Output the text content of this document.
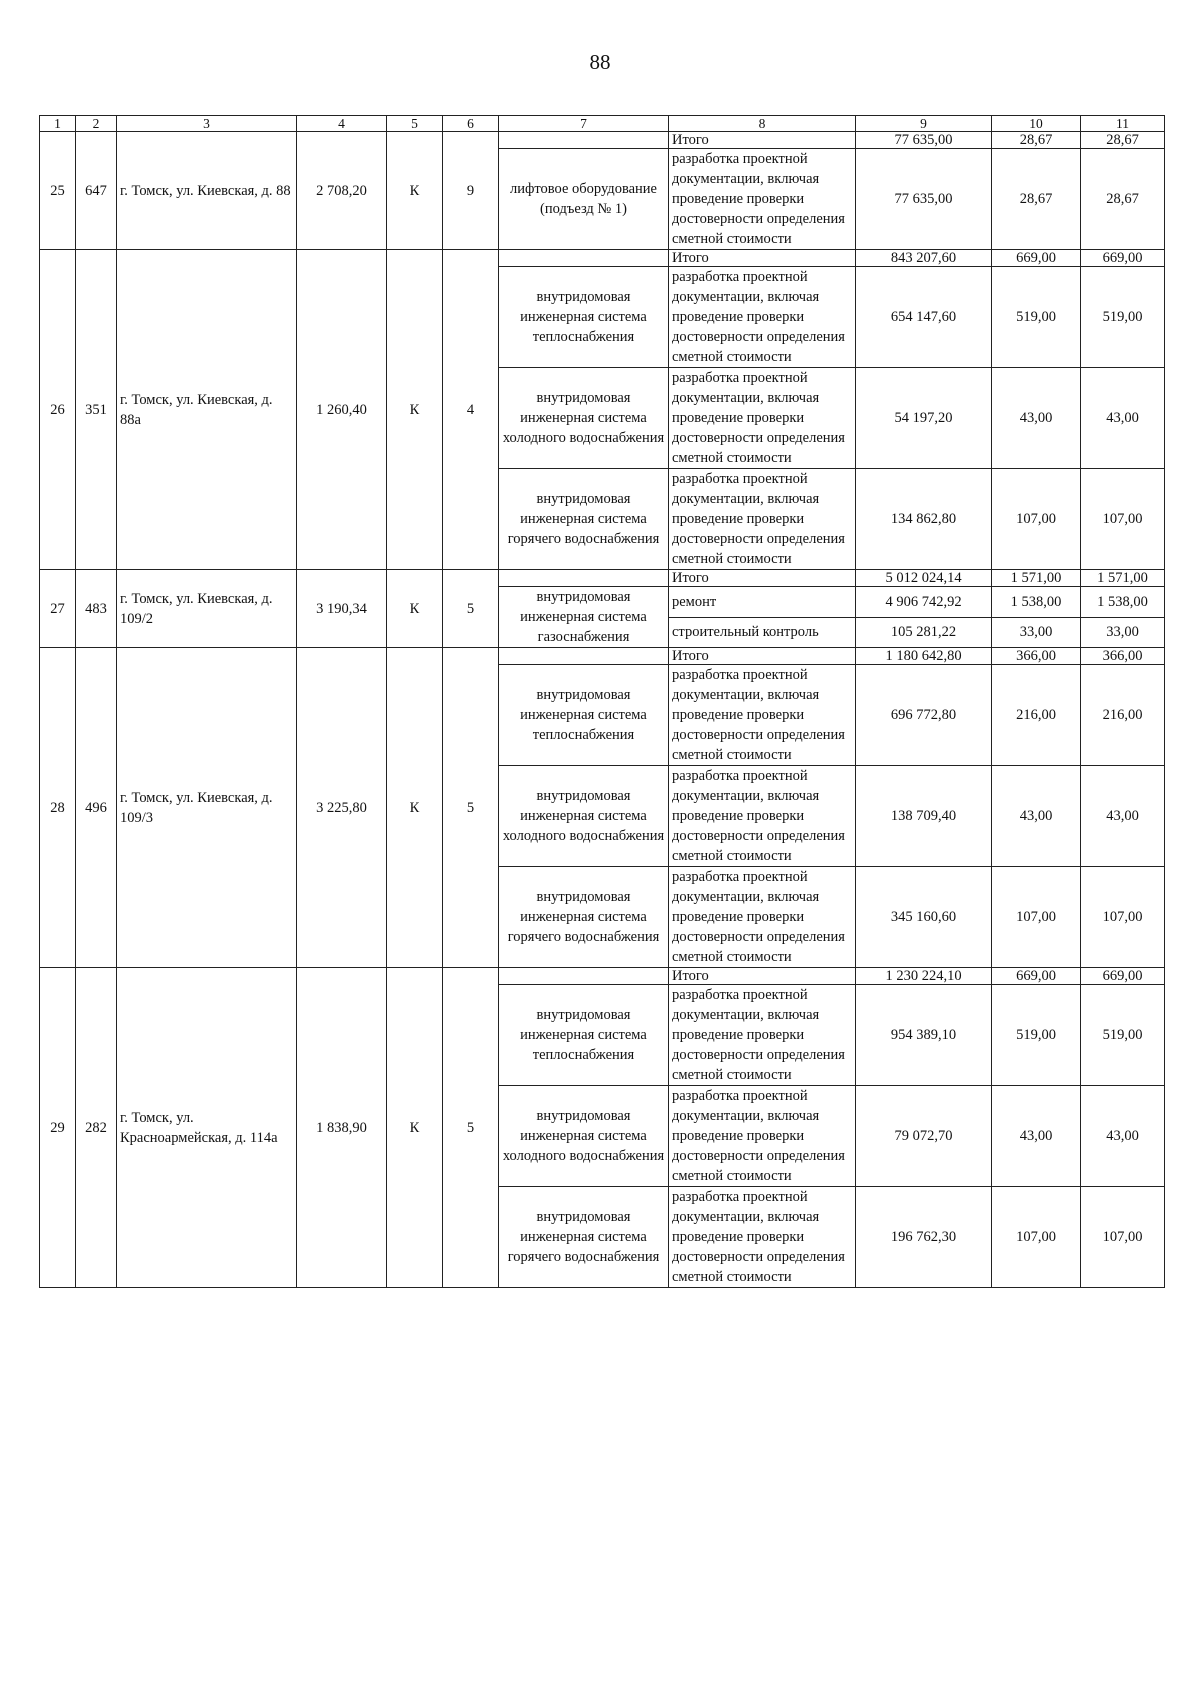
88
1	2	3	4	5	6	7	8	9	10	11
25	647	г. Томск, ул. Киевская, д. 88	2 708,20	К	9		Итого	77 635,00	28,67	28,67
						лифтовое оборудование (подъезд № 1)	разработка проектной документации, включая проведение проверки достоверности определения сметной стоимости	77 635,00	28,67	28,67
26	351	г. Томск, ул. Киевская, д. 88а	1 260,40	К	4		Итого	843 207,60	669,00	669,00
						внутридомовая инженерная система теплоснабжения	разработка проектной документации, включая проведение проверки достоверности определения сметной стоимости	654 147,60	519,00	519,00
						внутридомовая инженерная система холодного водоснабжения	разработка проектной документации, включая проведение проверки достоверности определения сметной стоимости	54 197,20	43,00	43,00
						внутридомовая инженерная система горячего водоснабжения	разработка проектной документации, включая проведение проверки достоверности определения сметной стоимости	134 862,80	107,00	107,00
27	483	г. Томск, ул. Киевская, д. 109/2	3 190,34	К	5		Итого	5 012 024,14	1 571,00	1 571,00
						внутридомовая инженерная система газоснабжения	ремонт	4 906 742,92	1 538,00	1 538,00
							строительный контроль	105 281,22	33,00	33,00
28	496	г. Томск, ул. Киевская, д. 109/3	3 225,80	К	5		Итого	1 180 642,80	366,00	366,00
						внутридомовая инженерная система теплоснабжения	разработка проектной документации, включая проведение проверки достоверности определения сметной стоимости	696 772,80	216,00	216,00
						внутридомовая инженерная система холодного водоснабжения	разработка проектной документации, включая проведение проверки достоверности определения сметной стоимости	138 709,40	43,00	43,00
						внутридомовая инженерная система горячего водоснабжения	разработка проектной документации, включая проведение проверки достоверности определения сметной стоимости	345 160,60	107,00	107,00
29	282	г. Томск, ул. Красноармейская, д. 114а	1 838,90	К	5		Итого	1 230 224,10	669,00	669,00
						внутридомовая инженерная система теплоснабжения	разработка проектной документации, включая проведение проверки достоверности определения сметной стоимости	954 389,10	519,00	519,00
						внутридомовая инженерная система холодного водоснабжения	разработка проектной документации, включая проведение проверки достоверности определения сметной стоимости	79 072,70	43,00	43,00
						внутридомовая инженерная система горячего водоснабжения	разработка проектной документации, включая проведение проверки достоверности определения сметной стоимости	196 762,30	107,00	107,00
